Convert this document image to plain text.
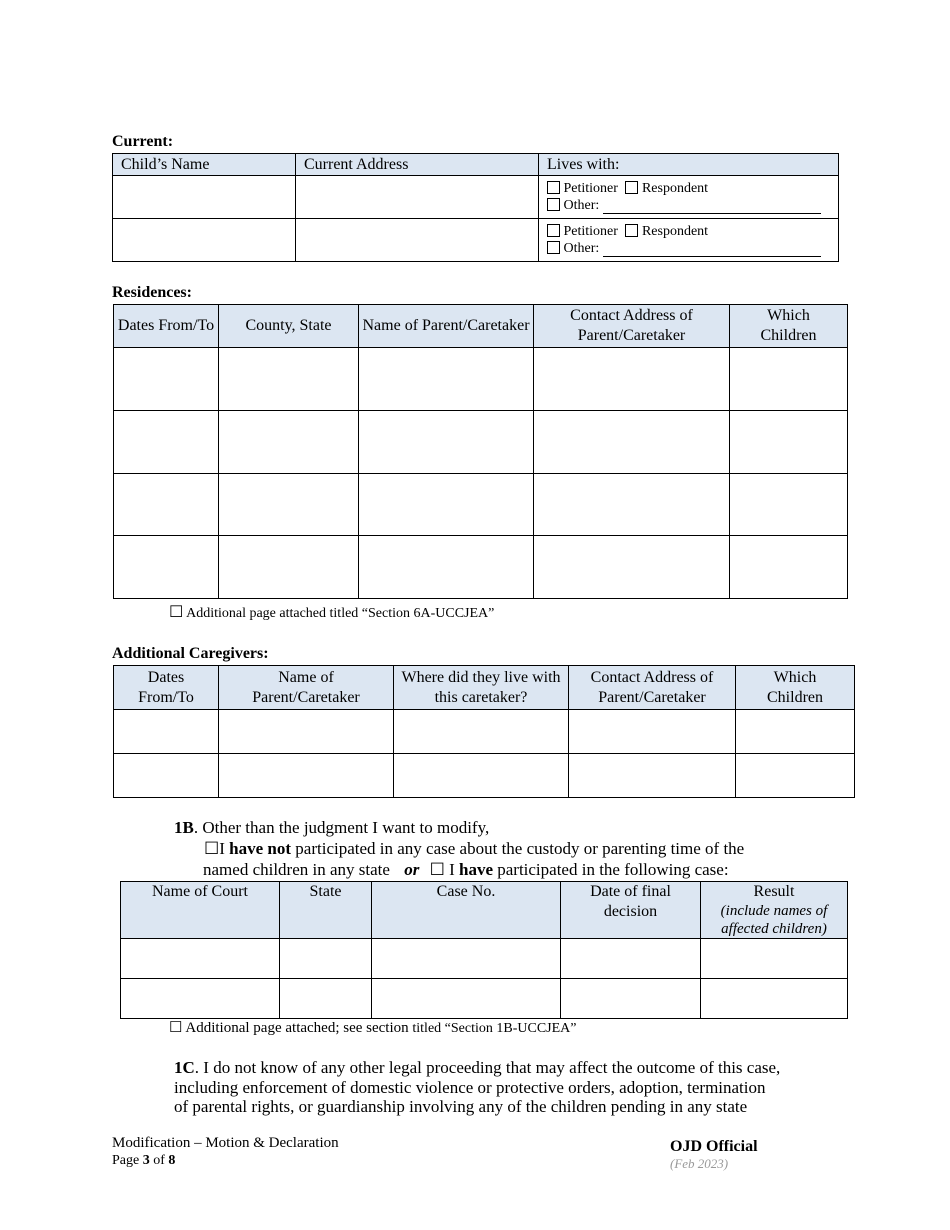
Current:
Child’s Name	Current Address	Lives with:
		Petitioner Respondent
Other:
		Petitioner Respondent
Other:
Residences:
Dates From/To	County, State	Name of Parent/Caretaker	Contact Address of Parent/Caretaker	Which Children

☐ Additional page attached titled “Section 6A-UCCJEA”
Additional Caregivers:
Dates From/To	Name of Parent/Caretaker	Where did they live with this caretaker?	Contact Address of Parent/Caretaker	Which Children

1B. Other than the judgment I want to modify,
☐I have not participated in any case about the custody or parenting time of the
named children in any state or ☐ I have participated in the following case:
Name of Court	State	Case No.	Date of final decision	Result
(include names of affected children)

☐ Additional page attached; see section titled “Section 1B-UCCJEA”
1C. I do not know of any other legal proceeding that may affect the outcome of this case,
including enforcement of domestic violence or protective orders, adoption, termination
of parental rights, or guardianship involving any of the children pending in any state
Modification – Motion & Declaration
Page 3 of 8
OJD Official
(Feb 2023)
